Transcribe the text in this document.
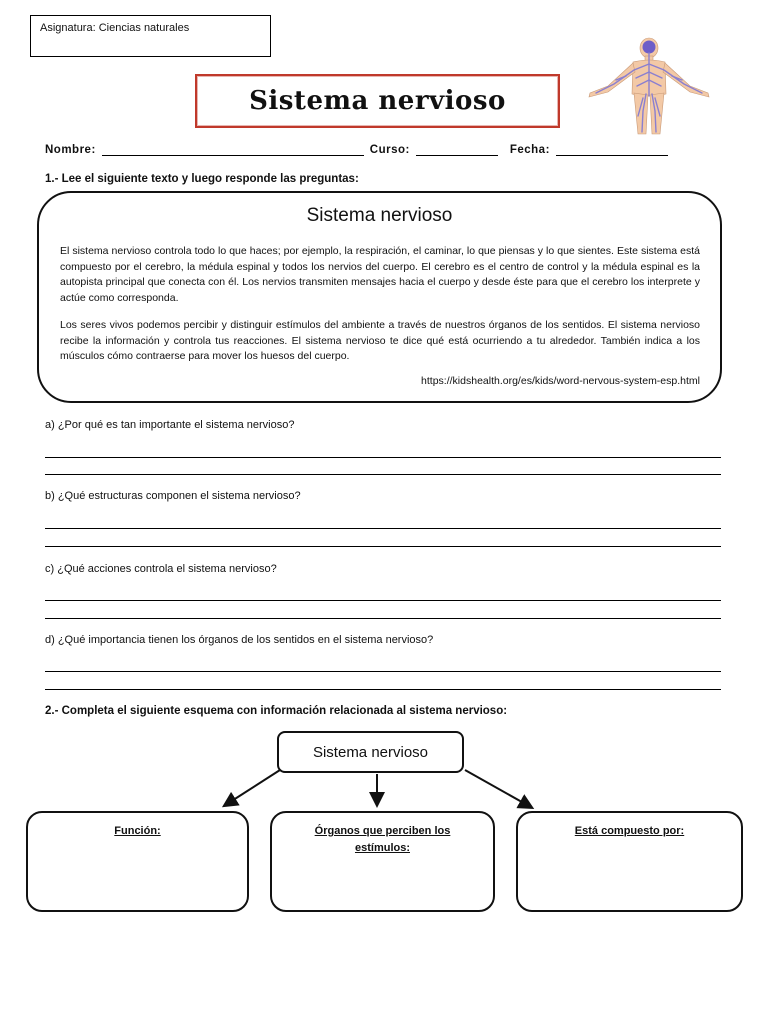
Asignatura: Ciencias naturales
Sistema nervioso
Nombre:	Curso:	Fecha:
1.- Lee el siguiente texto y luego responde las preguntas:
Sistema nervioso
El sistema nervioso controla todo lo que haces; por ejemplo, la respiración, el caminar, lo que piensas y lo que sientes. Este sistema está compuesto por el cerebro, la médula espinal y todos los nervios del cuerpo. El cerebro es el centro de control y la médula espinal es la autopista principal que conecta con él. Los nervios transmiten mensajes hacia el cuerpo y desde éste para que el cerebro los interprete y actúe como corresponda.
Los seres vivos podemos percibir y distinguir estímulos del ambiente a través de nuestros órganos de los sentidos. El sistema nervioso recibe la información y controla tus reacciones. El sistema nervioso te dice qué está ocurriendo a tu alrededor. También indica a los músculos cómo contraerse para mover los huesos del cuerpo.
https://kidshealth.org/es/kids/word-nervous-system-esp.html
a) ¿Por qué es tan importante el sistema nervioso?
b) ¿Qué estructuras componen el sistema nervioso?
c) ¿Qué acciones controla el sistema nervioso?
d) ¿Qué importancia tienen los órganos de los sentidos en el sistema nervioso?
2.- Completa el siguiente esquema con información relacionada al sistema nervioso:
Sistema nervioso
Función:	Órganos que perciben los estímulos:
Está compuesto por:
